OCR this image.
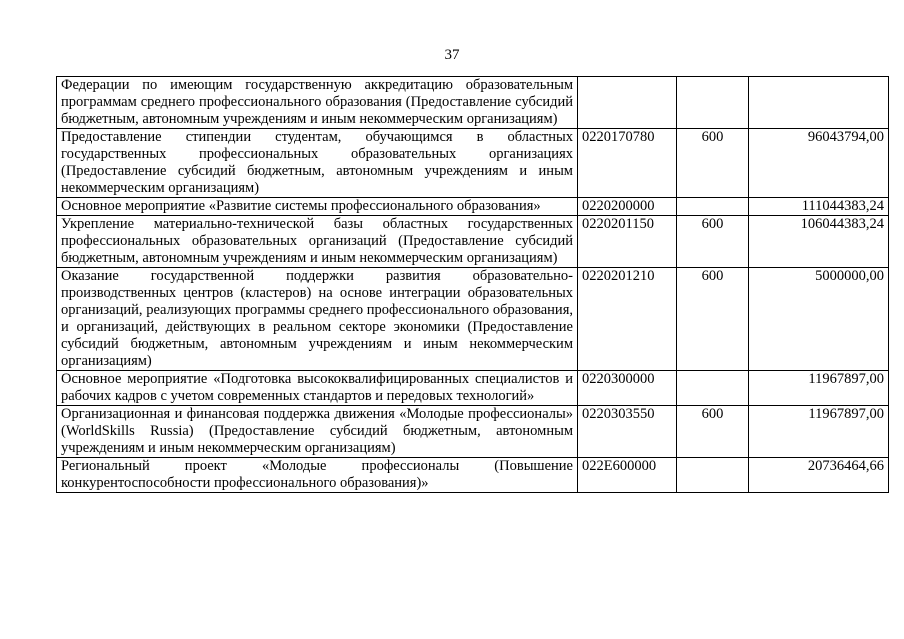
37
Федерации по имеющим государственную аккредитацию образовательным программам среднего профессионального образования (Предоставление субсидий бюджетным, автономным учреждениям и иным некоммерческим организациям)			
Предоставление стипендии студентам, обучающимся в областных государственных профессиональных образовательных организациях (Предоставление субсидий бюджетным, автономным учреждениям и иным некоммерческим организациям)	0220170780	600	96043794,00
Основное мероприятие «Развитие системы профессионального образования»	0220200000		111044383,24
Укрепление материально-технической базы областных государственных профессиональных образовательных организаций (Предоставление субсидий бюджетным, автономным учреждениям и иным некоммерческим организациям)	0220201150	600	106044383,24
Оказание государственной поддержки развития образовательно-производственных центров (кластеров) на основе интеграции образовательных организаций, реализующих программы среднего профессионального образования, и организаций, действующих в реальном секторе экономики (Предоставление субсидий бюджетным, автономным учреждениям и иным некоммерческим организациям)	0220201210	600	5000000,00
Основное мероприятие «Подготовка высококвалифицированных специалистов и рабочих кадров с учетом современных стандартов и передовых технологий»	0220300000		11967897,00
Организационная и финансовая поддержка движения «Молодые профессионалы» (WorldSkills Russia) (Предоставление субсидий бюджетным, автономным учреждениям и иным некоммерческим организациям)	0220303550	600	11967897,00
Региональный проект «Молодые профессионалы (Повышение конкурентоспособности профессионального образования)»	022E600000		20736464,66
